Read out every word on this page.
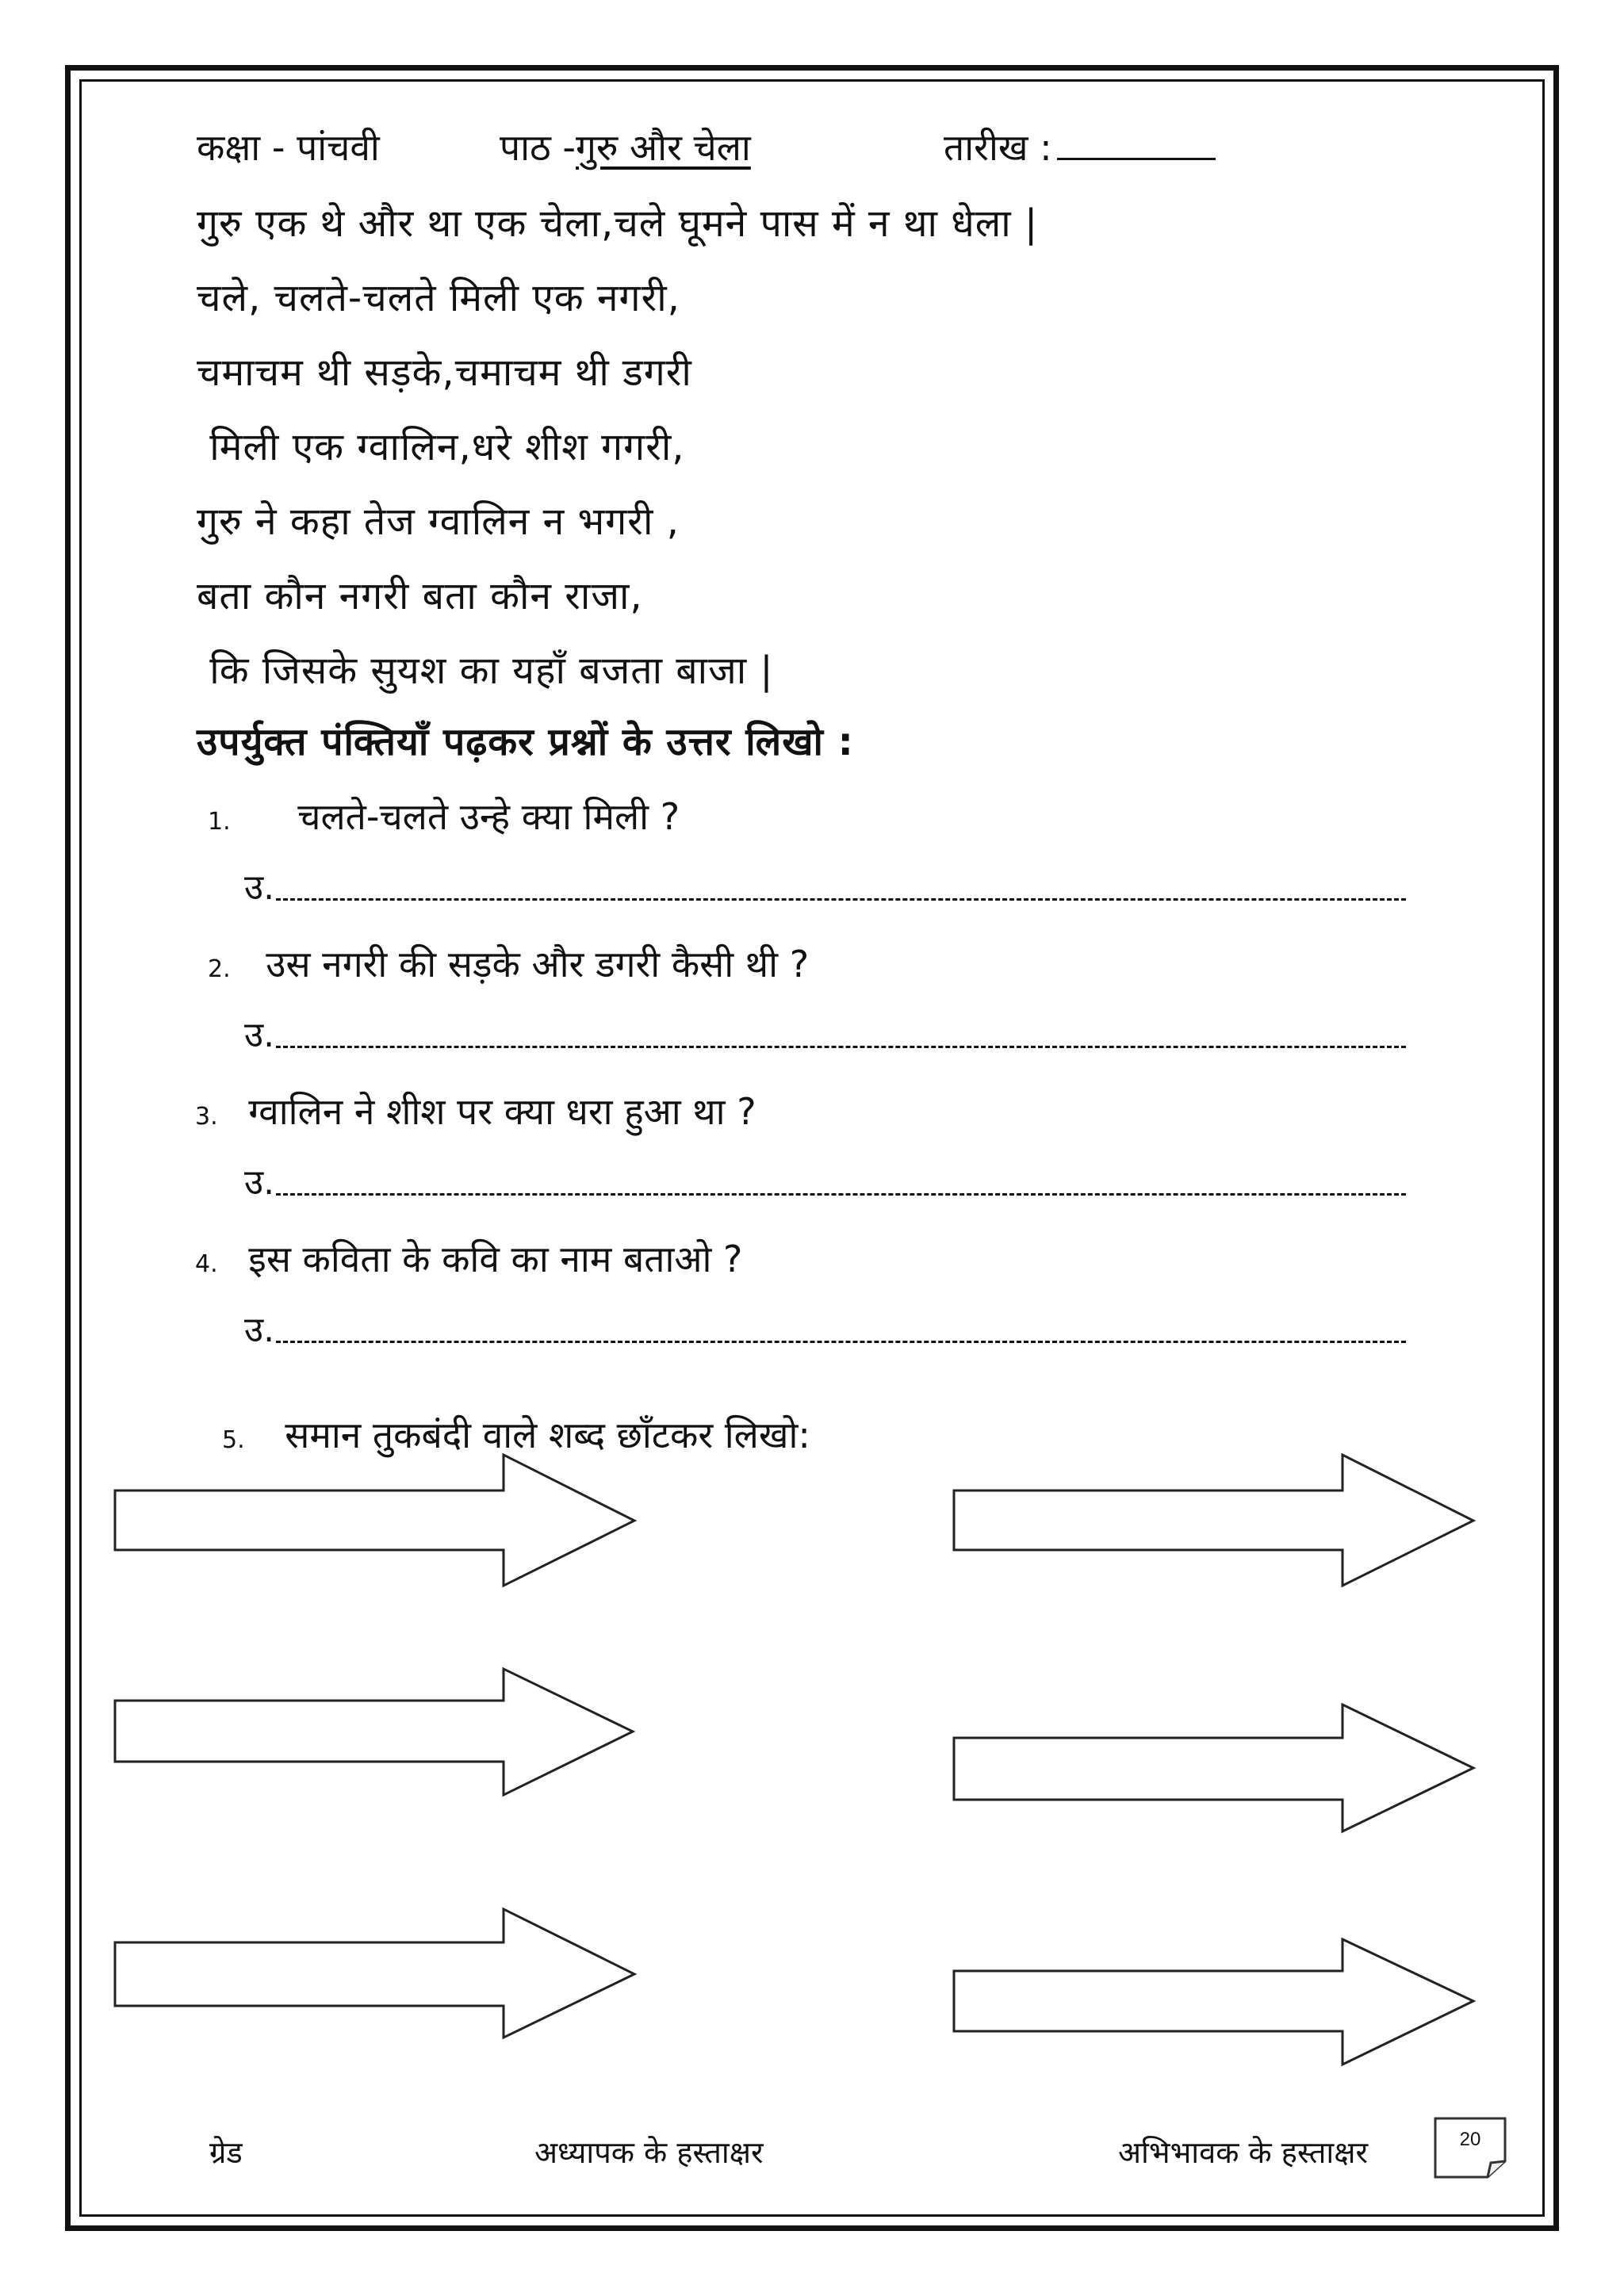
कक्षा - पांचवी	पाठ -गुरु और चेला	तारीख :
गुरु एक थे और था एक चेला,चले घूमने पास में न था धेला |
चले, चलते-चलते मिली एक नगरी,
चमाचम थी सड़के,चमाचम थी डगरी
मिली एक ग्वालिन,धरे शीश गगरी,
गुरु ने कहा तेज ग्वालिन न भगरी ,
बता कौन नगरी बता कौन राजा,
कि जिसके सुयश का यहाँ बजता बाजा |
उपर्युक्त पंक्तियाँ पढ़कर प्रश्नों के उत्तर लिखो :
1. चलते-चलते उन्हे क्या मिली ?
उ.
2. उस नगरी की सड़के और डगरी कैसी थी ?
उ.
3. ग्वालिन ने शीश पर क्या धरा हुआ था ?
उ.
4. इस कविता के कवि का नाम बताओ ?
उ.
5. समान तुकबंदी वाले शब्द छाँटकर लिखो:
ग्रेड	अध्यापक के हस्ताक्षर	अभिभावक के हस्ताक्षर	20
